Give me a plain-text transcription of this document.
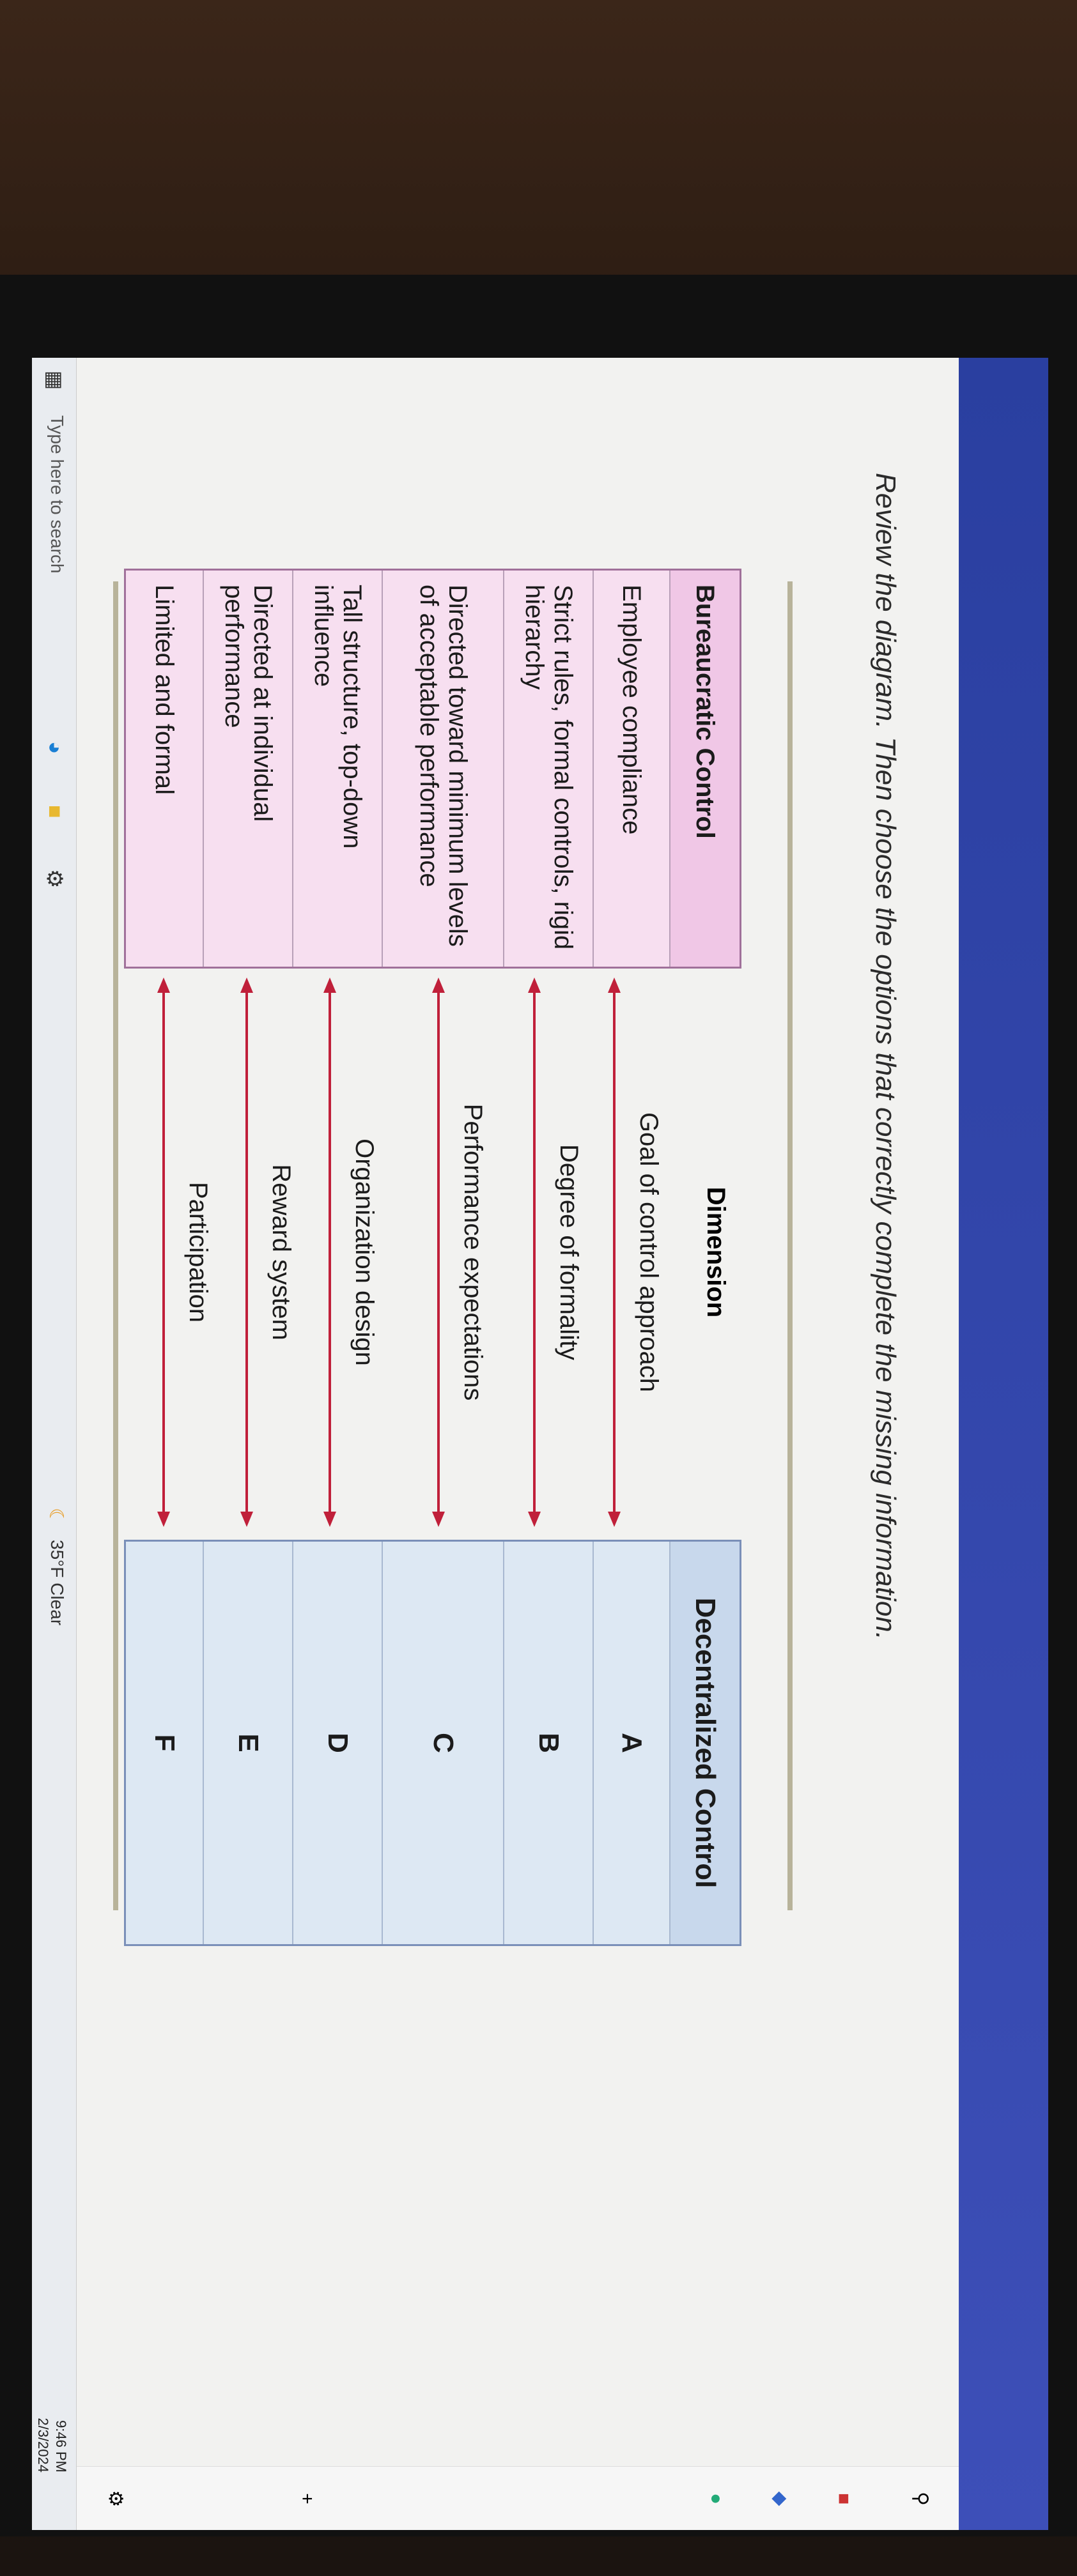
Review the diagram. Then choose the options that correctly complete the missing information.
Bureaucratic Control
Employee compliance
Strict rules, formal controls, rigid hierarchy
Directed toward minimum levels of acceptable performance
Tall structure, top-down influence
Directed at individual performance
Limited and formal
Dimension
Goal of control approach
Degree of formality
Performance expectations
Organization design
Reward system
Participation
Decentralized Control
A
B
C
D
E
F
⚲
■
◆
●
+
⚙
▦
Type here to search
◕
■
⚙
☾
35°F Clear
9:46 PM
2/3/2024
